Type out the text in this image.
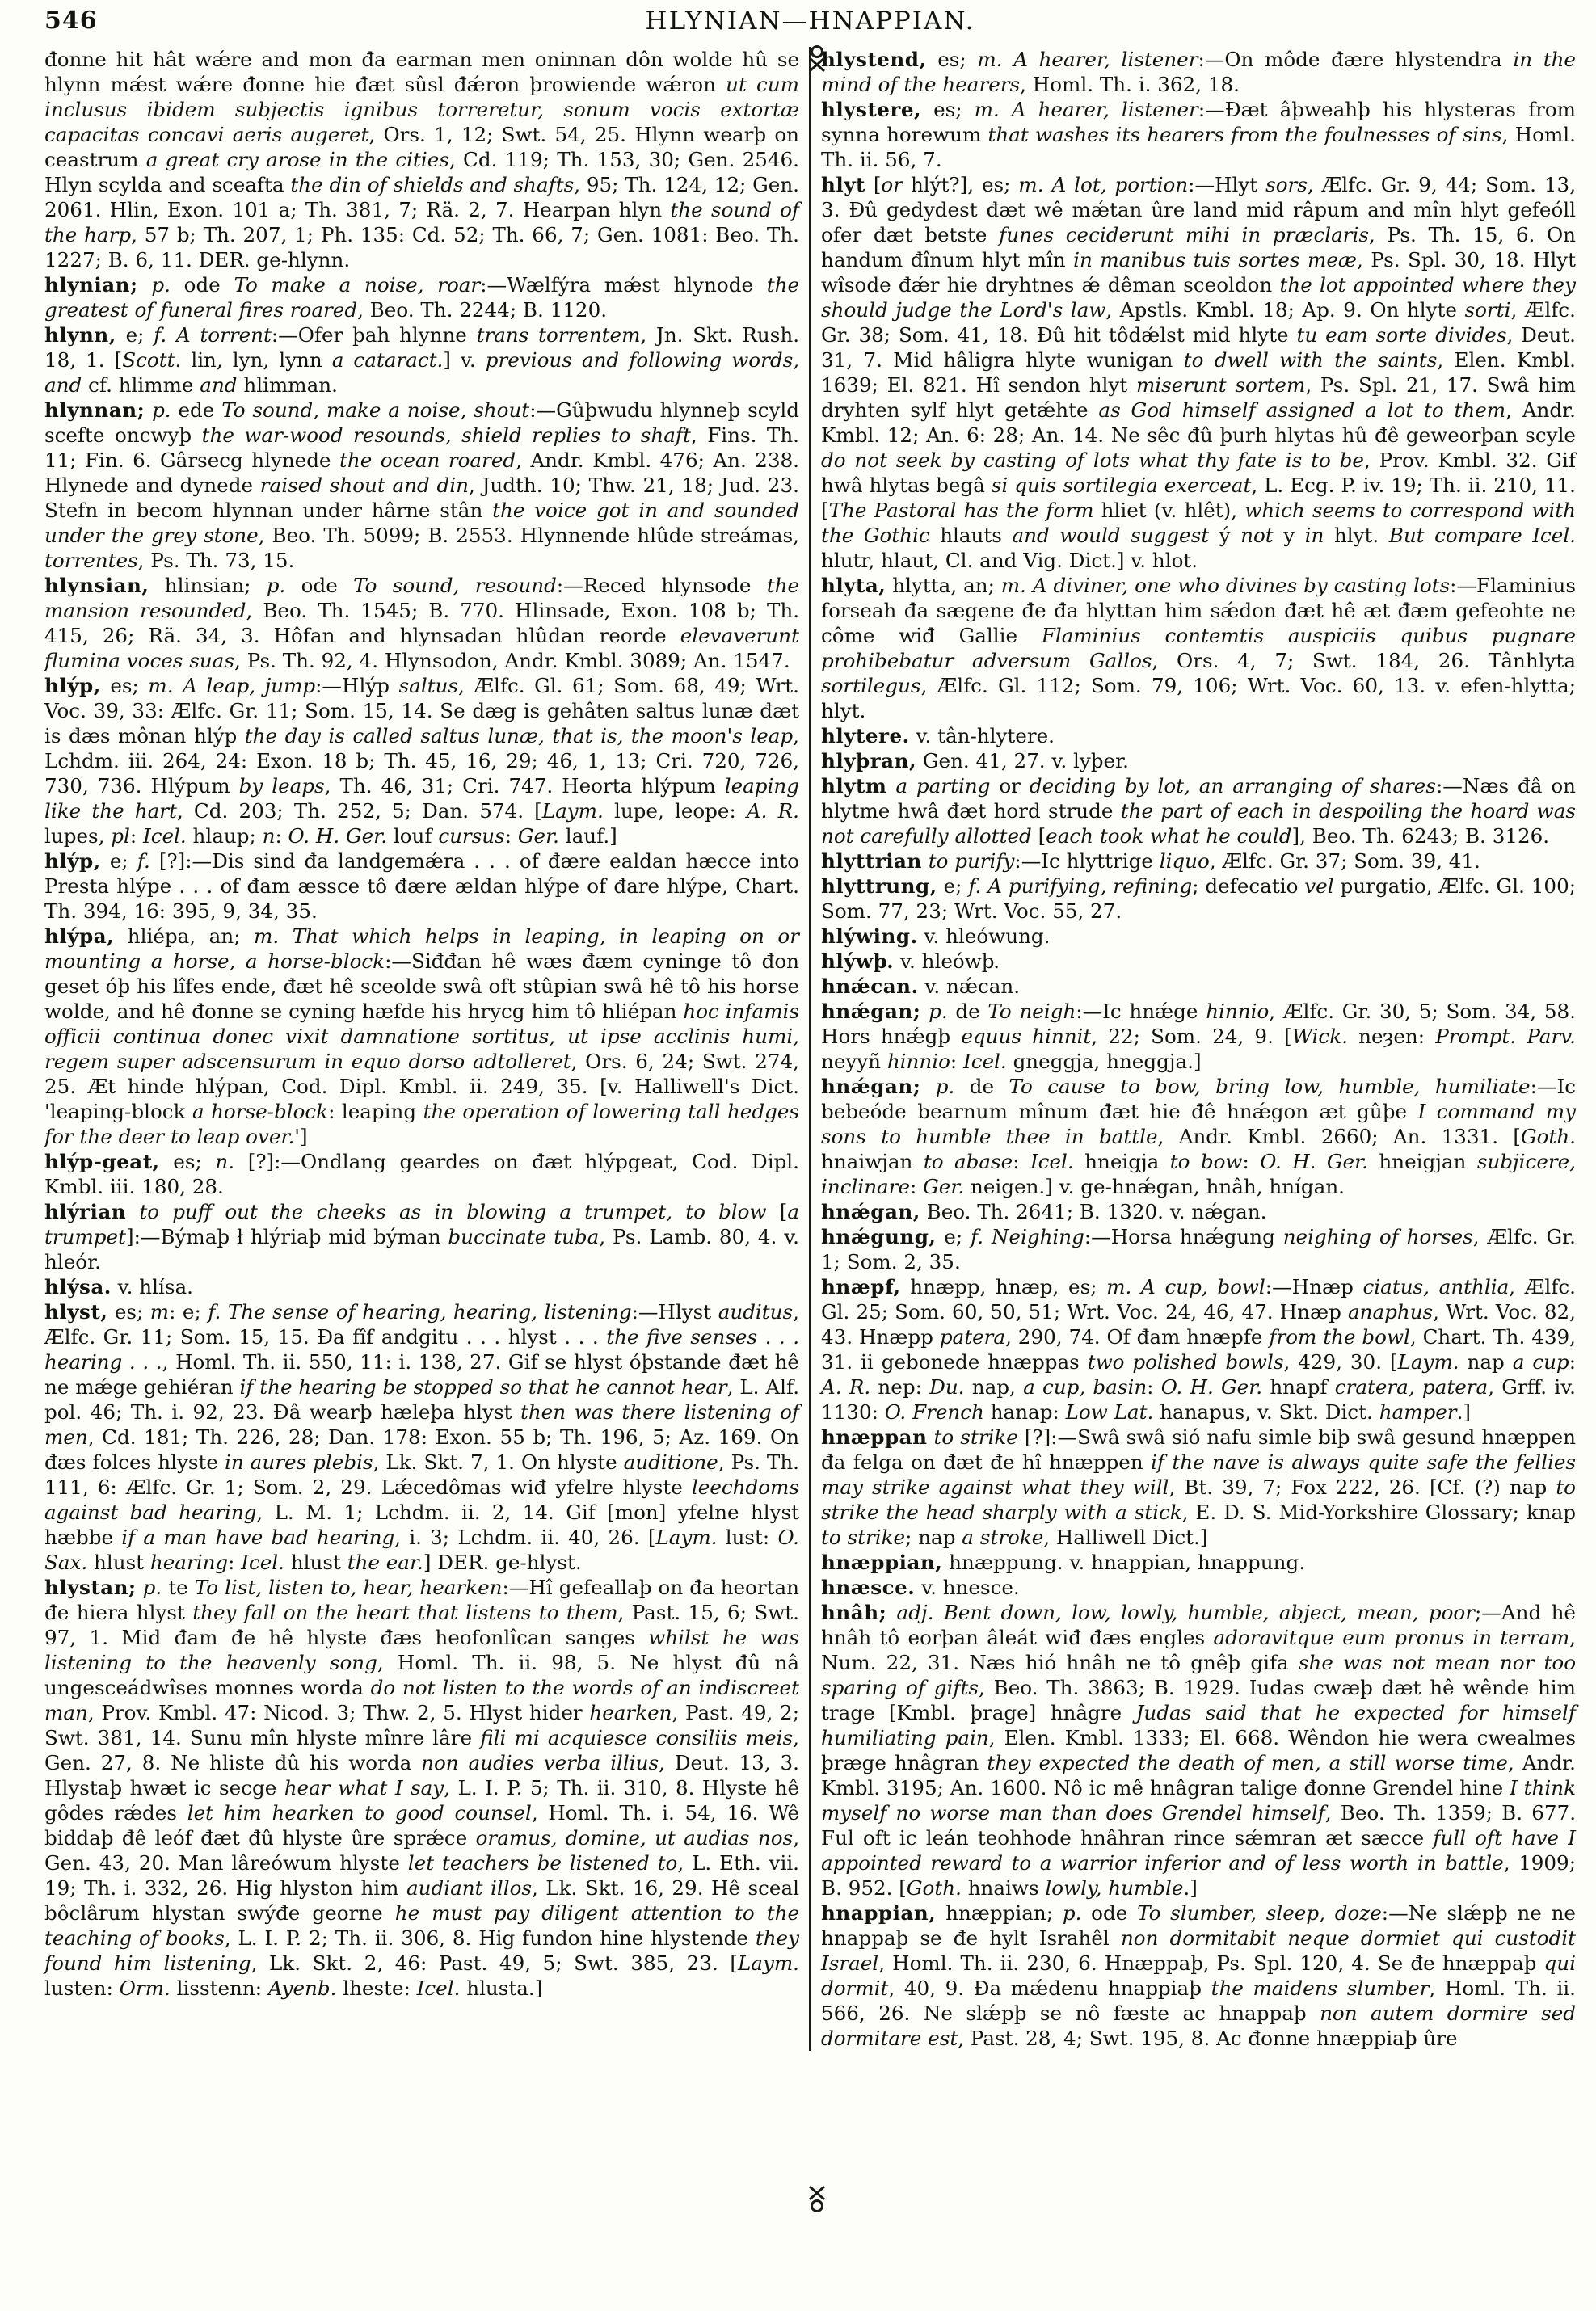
546	HLYNIAN—HNAPPIAN.

đonne hit hât wǽre and mon đa earman men oninnan dôn wolde hû se hlynn mǽst wǽre đonne hie đæt sûsl đǽron þrowiende wǽron ut cum inclusus ibidem subjectis ignibus torreretur, sonum vocis extortæ capacitas concavi aeris augeret, Ors. 1, 12; Swt. 54, 25. Hlynn wearþ on ceastrum a great cry arose in the cities, Cd. 119; Th. 153, 30; Gen. 2546. Hlyn scylda and sceafta the din of shields and shafts, 95; Th. 124, 12; Gen. 2061. Hlin, Exon. 101 a; Th. 381, 7; Rä. 2, 7. Hearpan hlyn the sound of the harp, 57 b; Th. 207, 1; Ph. 135: Cd. 52; Th. 66, 7; Gen. 1081: Beo. Th. 1227; B. 6, 11. DER. ge-hlynn.

hlynian; p. ode To make a noise, roar:—Wælfýra mǽst hlynode the greatest of funeral fires roared, Beo. Th. 2244; B. 1120.

hlynn, e; f. A torrent:—Ofer þah hlynne trans torrentem, Jn. Skt. Rush. 18, 1. [Scott. lin, lyn, lynn a cataract.] v. previous and following words, and cf. hlimme and hlimman.

hlynnan; p. ede To sound, make a noise, shout:—Gûþwudu hlynneþ scyld scefte oncwyþ the war-wood resounds, shield replies to shaft, Fins. Th. 11; Fin. 6. Gârsecg hlynede the ocean roared, Andr. Kmbl. 476; An. 238. Hlynede and dynede raised shout and din, Judth. 10; Thw. 21, 18; Jud. 23. Stefn in becom hlynnan under hârne stân the voice got in and sounded under the grey stone, Beo. Th. 5099; B. 2553. Hlynnende hlûde streámas, torrentes, Ps. Th. 73, 15.

hlynsian, hlinsian; p. ode To sound, resound:—Reced hlynsode the mansion resounded, Beo. Th. 1545; B. 770. Hlinsade, Exon. 108 b; Th. 415, 26; Rä. 34, 3. Hôfan and hlynsadan hlûdan reorde elevaverunt flumina voces suas, Ps. Th. 92, 4. Hlynsodon, Andr. Kmbl. 3089; An. 1547.

hlýp, es; m. A leap, jump:—Hlýp saltus, Ælfc. Gl. 61; Som. 68, 49; Wrt. Voc. 39, 33: Ælfc. Gr. 11; Som. 15, 14. Se dæg is gehâten saltus lunæ đæt is đæs mônan hlýp the day is called saltus lunæ, that is, the moon's leap, Lchdm. iii. 264, 24: Exon. 18 b; Th. 45, 16, 29; 46, 1, 13; Cri. 720, 726, 730, 736. Hlýpum by leaps, Th. 46, 31; Cri. 747. Heorta hlýpum leaping like the hart, Cd. 203; Th. 252, 5; Dan. 574. [Laym. lupe, leope: A. R. lupes, pl: Icel. hlaup; n: O. H. Ger. louf cursus: Ger. lauf.]

hlýp, e; f. [?]:—Dis sind đa landgemǽra . . . of đære ealdan hæcce into Presta hlýpe . . . of đam æssce tô đære ældan hlýpe of đare hlýpe, Chart. Th. 394, 16: 395, 9, 34, 35.

hlýpa, hliépa, an; m. That which helps in leaping, in leaping on or mounting a horse, a horse-block:—Siđđan hê wæs đæm cyninge tô đon geset óþ his lîfes ende, đæt hê sceolde swâ oft stûpian swâ hê tô his horse wolde, and hê đonne se cyning hæfde his hrycg him tô hliépan hoc infamis officii continua donec vixit damnatione sortitus, ut ipse acclinis humi, regem super adscensurum in equo dorso adtolleret, Ors. 6, 24; Swt. 274, 25. Æt hinde hlýpan, Cod. Dipl. Kmbl. ii. 249, 35. [v. Halliwell's Dict. 'leaping-block a horse-block: leaping the operation of lowering tall hedges for the deer to leap over.']

hlýp-geat, es; n. [?]:—Ondlang geardes on đæt hlýpgeat, Cod. Dipl. Kmbl. iii. 180, 28.

hlýrian to puff out the cheeks as in blowing a trumpet, to blow [a trumpet]:—Býmaþ ł hlýriaþ mid býman buccinate tuba, Ps. Lamb. 80, 4. v. hleór.

hlýsa. v. hlísa.

hlyst, es; m: e; f. The sense of hearing, hearing, listening:—Hlyst auditus, Ælfc. Gr. 11; Som. 15, 15. Đa fîf andgitu . . . hlyst . . . the five senses . . . hearing . . ., Homl. Th. ii. 550, 11: i. 138, 27. Gif se hlyst óþstande đæt hê ne mǽge gehiéran if the hearing be stopped so that he cannot hear, L. Alf. pol. 46; Th. i. 92, 23. Đâ wearþ hæleþa hlyst then was there listening of men, Cd. 181; Th. 226, 28; Dan. 178: Exon. 55 b; Th. 196, 5; Az. 169. On đæs folces hlyste in aures plebis, Lk. Skt. 7, 1. On hlyste auditione, Ps. Th. 111, 6: Ælfc. Gr. 1; Som. 2, 29. Lǽcedômas wiđ yfelre hlyste leechdoms against bad hearing, L. M. 1; Lchdm. ii. 2, 14. Gif [mon] yfelne hlyst hæbbe if a man have bad hearing, i. 3; Lchdm. ii. 40, 26. [Laym. lust: O. Sax. hlust hearing: Icel. hlust the ear.] DER. ge-hlyst.

hlystan; p. te To list, listen to, hear, hearken:—Hî gefeallaþ on đa heortan đe hiera hlyst they fall on the heart that listens to them, Past. 15, 6; Swt. 97, 1. Mid đam đe hê hlyste đæs heofonlîcan sanges whilst he was listening to the heavenly song, Homl. Th. ii. 98, 5. Ne hlyst đû nâ ungesceádwîses monnes worda do not listen to the words of an indiscreet man, Prov. Kmbl. 47: Nicod. 3; Thw. 2, 5. Hlyst hider hearken, Past. 49, 2; Swt. 381, 14. Sunu mîn hlyste mînre lâre fili mi acquiesce consiliis meis, Gen. 27, 8. Ne hliste đû his worda non audies verba illius, Deut. 13, 3. Hlystaþ hwæt ic secge hear what I say, L. I. P. 5; Th. ii. 310, 8. Hlyste hê gôdes rǽdes let him hearken to good counsel, Homl. Th. i. 54, 16. Wê biddaþ đê leóf đæt đû hlyste ûre sprǽce oramus, domine, ut audias nos, Gen. 43, 20. Man lâreówum hlyste let teachers be listened to, L. Eth. vii. 19; Th. i. 332, 26. Hig hlyston him audiant illos, Lk. Skt. 16, 29. Hê sceal bôclârum hlystan swýđe georne he must pay diligent attention to the teaching of books, L. I. P. 2; Th. ii. 306, 8. Hig fundon hine hlystende they found him listening, Lk. Skt. 2, 46: Past. 49, 5; Swt. 385, 23. [Laym. lusten: Orm. lisstenn: Ayenb. lheste: Icel. hlusta.]

hlystend, es; m. A hearer, listener:—On môde đære hlystendra in the mind of the hearers, Homl. Th. i. 362, 18.

hlystere, es; m. A hearer, listener:—Đæt âþweahþ his hlysteras from synna horewum that washes its hearers from the foulnesses of sins, Homl. Th. ii. 56, 7.

hlyt [or hlýt?], es; m. A lot, portion:—Hlyt sors, Ælfc. Gr. 9, 44; Som. 13, 3. Đû gedydest đæt wê mǽtan ûre land mid râpum and mîn hlyt gefeóll ofer đæt betste funes ceciderunt mihi in præclaris, Ps. Th. 15, 6. On handum đînum hlyt mîn in manibus tuis sortes meæ, Ps. Spl. 30, 18. Hlyt wîsode đǽr hie dryhtnes ǽ dêman sceoldon the lot appointed where they should judge the Lord's law, Apstls. Kmbl. 18; Ap. 9. On hlyte sorti, Ælfc. Gr. 38; Som. 41, 18. Đû hit tôdǽlst mid hlyte tu eam sorte divides, Deut. 31, 7. Mid hâligra hlyte wunigan to dwell with the saints, Elen. Kmbl. 1639; El. 821. Hî sendon hlyt miserunt sortem, Ps. Spl. 21, 17. Swâ him dryhten sylf hlyt getǽhte as God himself assigned a lot to them, Andr. Kmbl. 12; An. 6: 28; An. 14. Ne sêc đû þurh hlytas hû đê geweorþan scyle do not seek by casting of lots what thy fate is to be, Prov. Kmbl. 32. Gif hwâ hlytas begâ si quis sortilegia exerceat, L. Ecg. P. iv. 19; Th. ii. 210, 11. [The Pastoral has the form hliet (v. hlêt), which seems to correspond with the Gothic hlauts and would suggest ý not y in hlyt. But compare Icel. hlutr, hlaut, Cl. and Vig. Dict.] v. hlot.

hlyta, hlytta, an; m. A diviner, one who divines by casting lots:—Flaminius forseah đa sægene đe đa hlyttan him sǽdon đæt hê æt đæm gefeohte ne côme wiđ Gallie Flaminius contemtis auspiciis quibus pugnare prohibebatur adversum Gallos, Ors. 4, 7; Swt. 184, 26. Tânhlyta sortilegus, Ælfc. Gl. 112; Som. 79, 106; Wrt. Voc. 60, 13. v. efen-hlytta; hlyt.

hlytere. v. tân-hlytere.

hlyþran, Gen. 41, 27. v. lyþer.

hlytm a parting or deciding by lot, an arranging of shares:—Næs đâ on hlytme hwâ đæt hord strude the part of each in despoiling the hoard was not carefully allotted [each took what he could], Beo. Th. 6243; B. 3126.

hlyttrian to purify:—Ic hlyttrige liquo, Ælfc. Gr. 37; Som. 39, 41.

hlyttrung, e; f. A purifying, refining; defecatio vel purgatio, Ælfc. Gl. 100; Som. 77, 23; Wrt. Voc. 55, 27.

hlýwing. v. hleówung.

hlýwþ. v. hleówþ.

hnǽcan. v. nǽcan.

hnǽgan; p. de To neigh:—Ic hnǽge hinnio, Ælfc. Gr. 30, 5; Som. 34, 58. Hors hnǽgþ equus hinnit, 22; Som. 24, 9. [Wick. neȝen: Prompt. Parv. neyyñ hinnio: Icel. gneggja, hneggja.]

hnǽgan; p. de To cause to bow, bring low, humble, humiliate:—Ic bebeóde bearnum mînum đæt hie đê hnǽgon æt gûþe I command my sons to humble thee in battle, Andr. Kmbl. 2660; An. 1331. [Goth. hnaiwjan to abase: Icel. hneigja to bow: O. H. Ger. hneigjan subjicere, inclinare: Ger. neigen.] v. ge-hnǽgan, hnâh, hnígan.

hnǽgan, Beo. Th. 2641; B. 1320. v. nǽgan.

hnǽgung, e; f. Neighing:—Horsa hnǽgung neighing of horses, Ælfc. Gr. 1; Som. 2, 35.

hnæpf, hnæpp, hnæp, es; m. A cup, bowl:—Hnæp ciatus, anthlia, Ælfc. Gl. 25; Som. 60, 50, 51; Wrt. Voc. 24, 46, 47. Hnæp anaphus, Wrt. Voc. 82, 43. Hnæpp patera, 290, 74. Of đam hnæpfe from the bowl, Chart. Th. 439, 31. ii gebonede hnæppas two polished bowls, 429, 30. [Laym. nap a cup: A. R. nep: Du. nap, a cup, basin: O. H. Ger. hnapf cratera, patera, Grff. iv. 1130: O. French hanap: Low Lat. hanapus, v. Skt. Dict. hamper.]

hnæppan to strike [?]:—Swâ swâ sió nafu simle biþ swâ gesund hnæppen đa felga on đæt đe hî hnæppen if the nave is always quite safe the fellies may strike against what they will, Bt. 39, 7; Fox 222, 26. [Cf. (?) nap to strike the head sharply with a stick, E. D. S. Mid-Yorkshire Glossary; knap to strike; nap a stroke, Halliwell Dict.]

hnæppian, hnæppung. v. hnappian, hnappung.

hnæsce. v. hnesce.

hnâh; adj. Bent down, low, lowly, humble, abject, mean, poor;—And hê hnâh tô eorþan âleát wiđ đæs engles adoravitque eum pronus in terram, Num. 22, 31. Næs hió hnâh ne tô gnêþ gifa she was not mean nor too sparing of gifts, Beo. Th. 3863; B. 1929. Iudas cwæþ đæt hê wênde him trage [Kmbl. þrage] hnâgre Judas said that he expected for himself humiliating pain, Elen. Kmbl. 1333; El. 668. Wêndon hie wera cwealmes þræge hnâgran they expected the death of men, a still worse time, Andr. Kmbl. 3195; An. 1600. Nô ic mê hnâgran talige đonne Grendel hine I think myself no worse man than does Grendel himself, Beo. Th. 1359; B. 677. Ful oft ic leán teohhode hnâhran rince sǽmran æt sæcce full oft have I appointed reward to a warrior inferior and of less worth in battle, 1909; B. 952. [Goth. hnaiws lowly, humble.]

hnappian, hnæppian; p. ode To slumber, sleep, doze:—Ne slǽpþ ne ne hnappaþ se đe hylt Israhêl non dormitabit neque dormiet qui custodit Israel, Homl. Th. ii. 230, 6. Hnæppaþ, Ps. Spl. 120, 4. Se đe hnæppaþ qui dormit, 40, 9. Đa mǽdenu hnappiaþ the maidens slumber, Homl. Th. ii. 566, 26. Ne slǽpþ se nô fæste ac hnappaþ non autem dormire sed dormitare est, Past. 28, 4; Swt. 195, 8. Ac đonne hnæppiaþ ûre
